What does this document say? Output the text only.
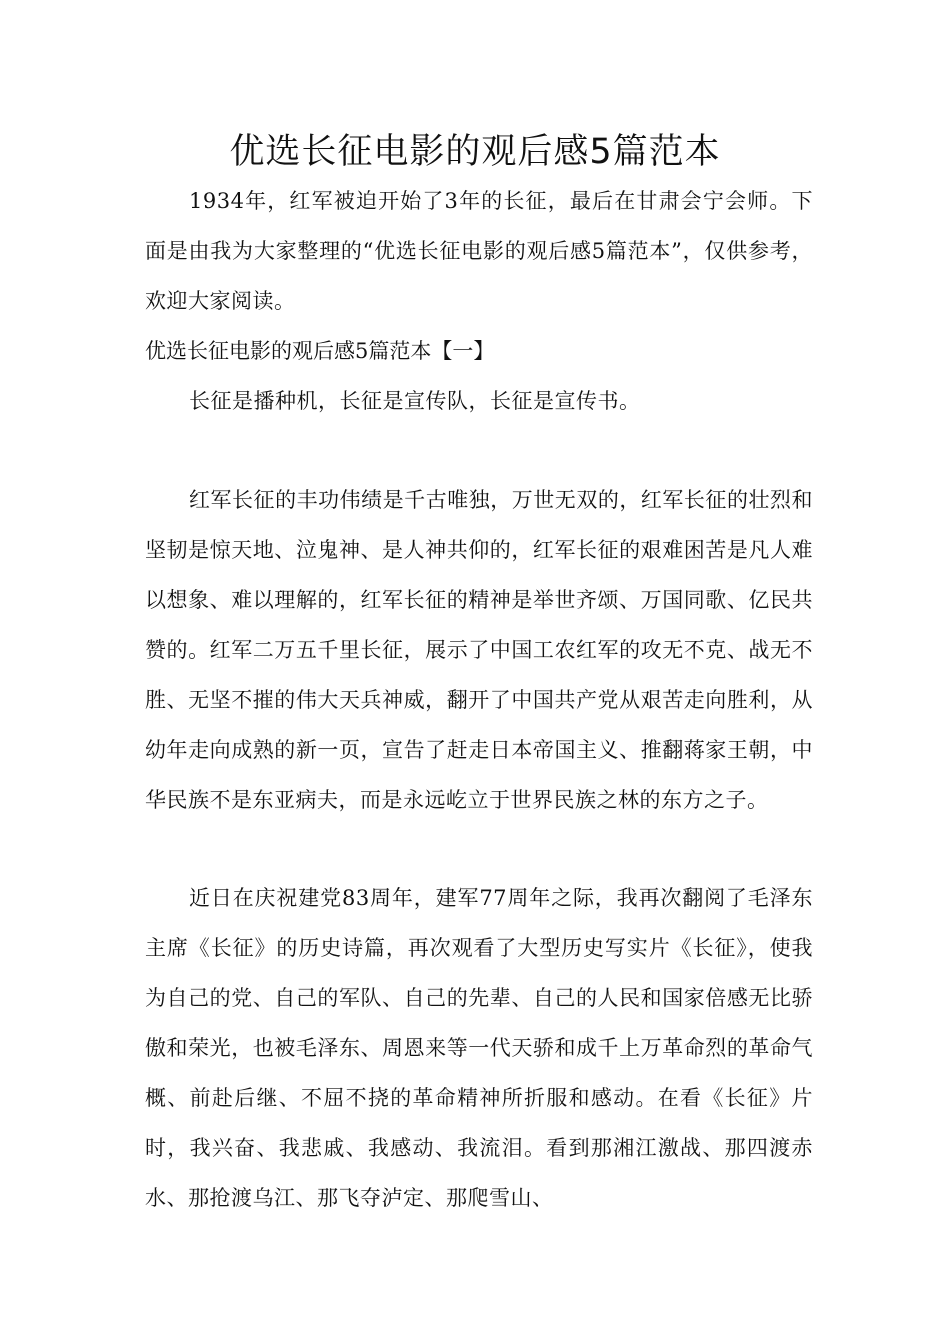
优选长征电影的观后感5篇范本

1934年，红军被迫开始了3年的长征，最后在甘肃会宁会师。下面是由我为大家整理的“优选长征电影的观后感5篇范本”，仅供参考，欢迎大家阅读。

优选长征电影的观后感5篇范本【一】

长征是播种机，长征是宣传队，长征是宣传书。

红军长征的丰功伟绩是千古唯独，万世无双的，红军长征的壮烈和坚韧是惊天地、泣鬼神、是人神共仰的，红军长征的艰难困苦是凡人难以想象、难以理解的，红军长征的精神是举世齐颂、万国同歌、亿民共赞的。红军二万五千里长征，展示了中国工农红军的攻无不克、战无不胜、无坚不摧的伟大天兵神威，翻开了中国共产党从艰苦走向胜利，从幼年走向成熟的新一页，宣告了赶走日本帝国主义、推翻蒋家王朝，中华民族不是东亚病夫，而是永远屹立于世界民族之林的东方之子。

近日在庆祝建党83周年，建军77周年之际，我再次翻阅了毛泽东主席《长征》的历史诗篇，再次观看了大型历史写实片《长征》，使我为自己的党、自己的军队、自己的先辈、自己的人民和国家倍感无比骄傲和荣光，也被毛泽东、周恩来等一代天骄和成千上万革命烈的革命气概、前赴后继、不屈不挠的革命精神所折服和感动。在看《长征》片时，我兴奋、我悲戚、我感动、我流泪。看到那湘江激战、那四渡赤水、那抢渡乌江、那飞夺泸定、那爬雪山、
